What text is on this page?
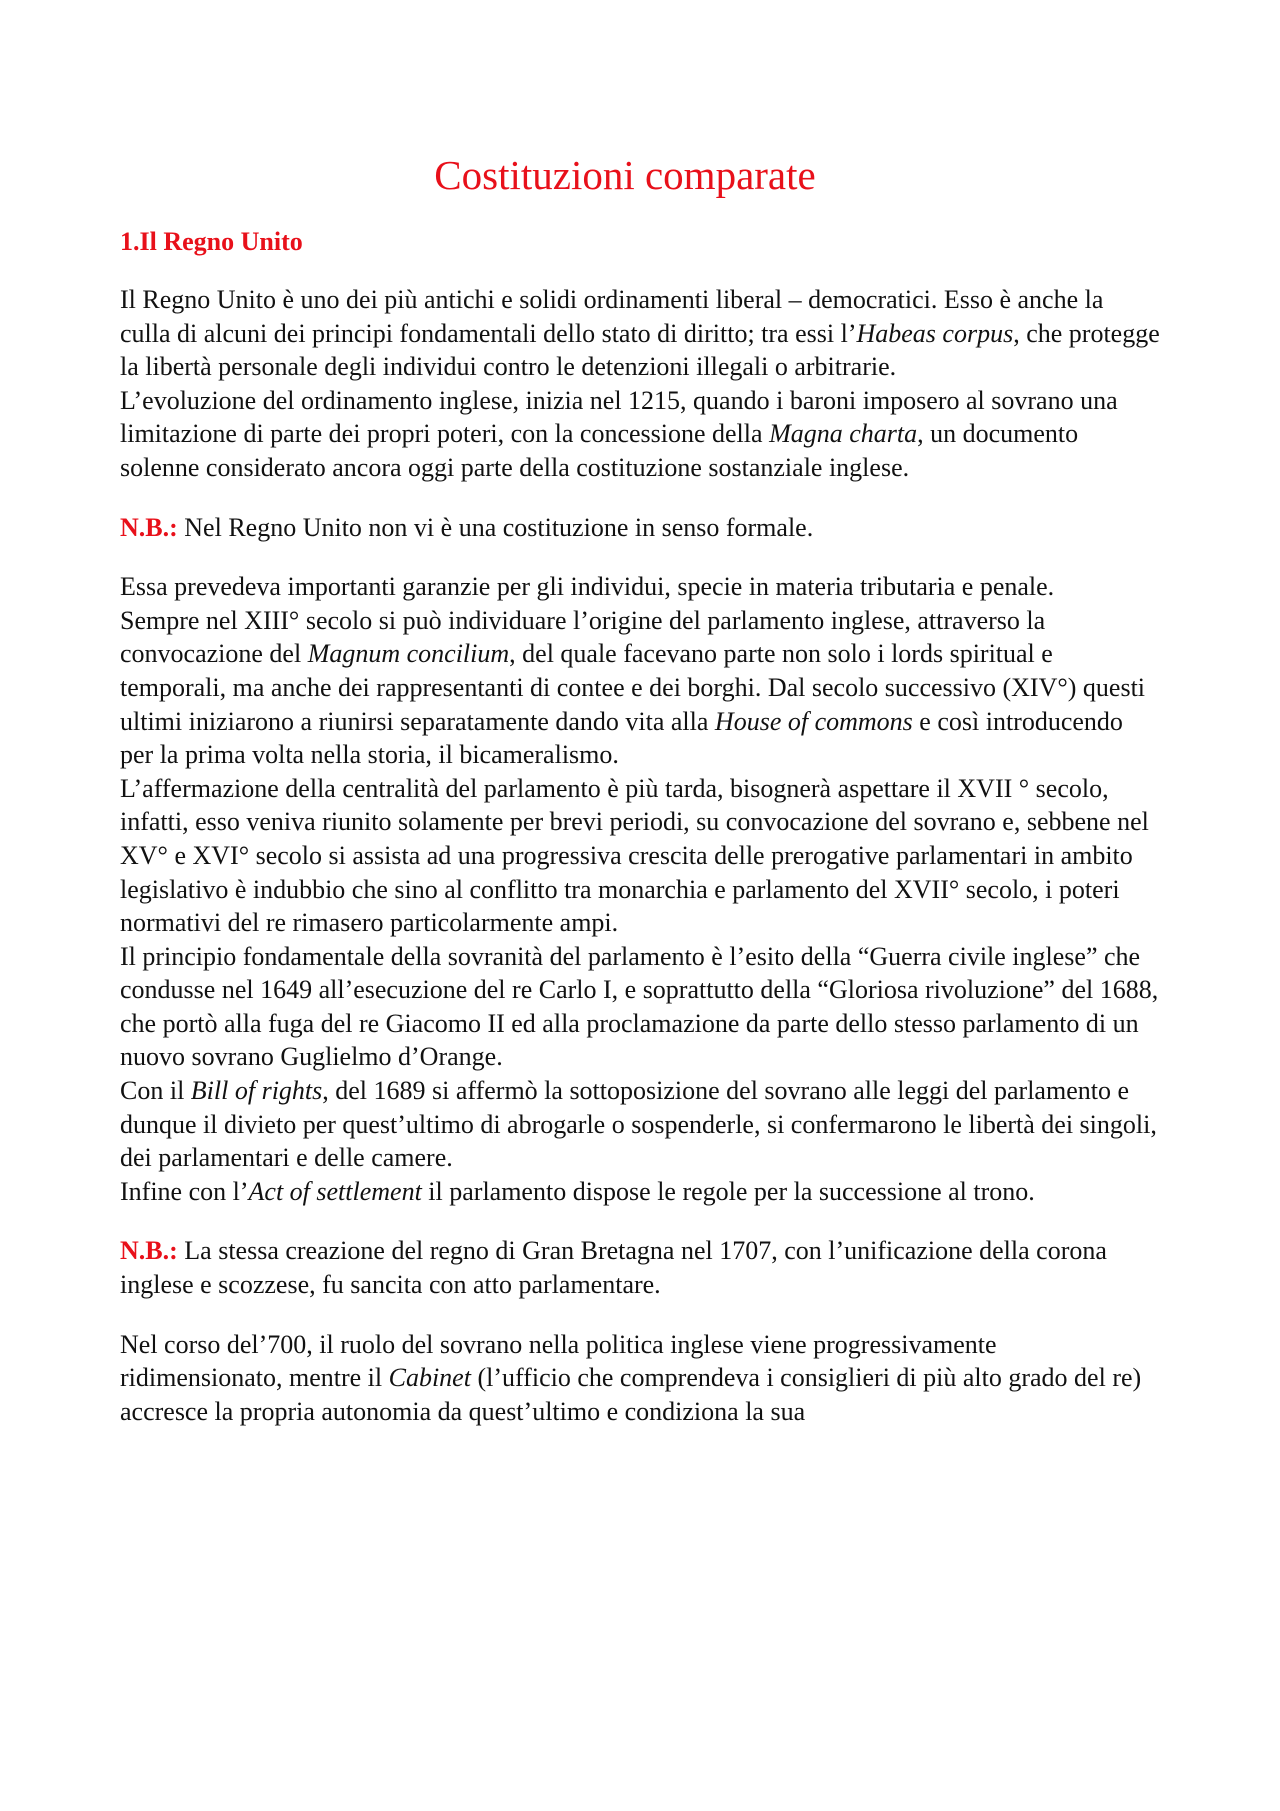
Costituzioni comparate
1.Il Regno Unito

Il Regno Unito è uno dei più antichi e solidi ordinamenti liberal – democratici. Esso è anche la culla di alcuni dei principi fondamentali dello stato di diritto; tra essi l’Habeas corpus, che protegge la libertà personale degli individui contro le detenzioni illegali o arbitrarie.

L’evoluzione del ordinamento inglese, inizia nel 1215, quando i baroni imposero al sovrano una limitazione di parte dei propri poteri, con la concessione della Magna charta, un documento solenne considerato ancora oggi parte della costituzione sostanziale inglese.

N.B.: Nel Regno Unito non vi è una costituzione in senso formale.

Essa prevedeva importanti garanzie per gli individui, specie in materia tributaria e penale.

Sempre nel XIII° secolo si può individuare l’origine del parlamento inglese, attraverso la convocazione del Magnum concilium, del quale facevano parte non solo i lords spiritual e temporali, ma anche dei rappresentanti di contee e dei borghi. Dal secolo successivo (XIV°) questi ultimi iniziarono a riunirsi separatamente dando vita alla House of commons e così introducendo per la prima volta nella storia, il bicameralismo.

L’affermazione della centralità del parlamento è più tarda, bisognerà aspettare il XVII ° secolo, infatti, esso veniva riunito solamente per brevi periodi, su convocazione del sovrano e, sebbene nel XV° e XVI° secolo si assista ad una progressiva crescita delle prerogative parlamentari in ambito legislativo è indubbio che sino al conflitto tra monarchia e parlamento del XVII° secolo, i poteri normativi del re rimasero particolarmente ampi.

Il principio fondamentale della sovranità del parlamento è l’esito della “Guerra civile inglese” che condusse nel 1649 all’esecuzione del re Carlo I, e soprattutto della “Gloriosa rivoluzione” del 1688, che portò alla fuga del re Giacomo II ed alla proclamazione da parte dello stesso parlamento di un nuovo sovrano Guglielmo d’Orange.

Con il Bill of rights, del 1689 si affermò la sottoposizione del sovrano alle leggi del parlamento e dunque il divieto per quest’ultimo di abrogarle o sospenderle, si confermarono le libertà dei singoli, dei parlamentari e delle camere.

Infine con l’Act of settlement il parlamento dispose le regole per la successione al trono.

N.B.: La stessa creazione del regno di Gran Bretagna nel 1707, con l’unificazione della corona inglese e scozzese, fu sancita con atto parlamentare.

Nel corso del’700, il ruolo del sovrano nella politica inglese viene progressivamente ridimensionato, mentre il Cabinet (l’ufficio che comprendeva i consiglieri di più alto grado del re) accresce la propria autonomia da quest’ultimo e condiziona la sua
